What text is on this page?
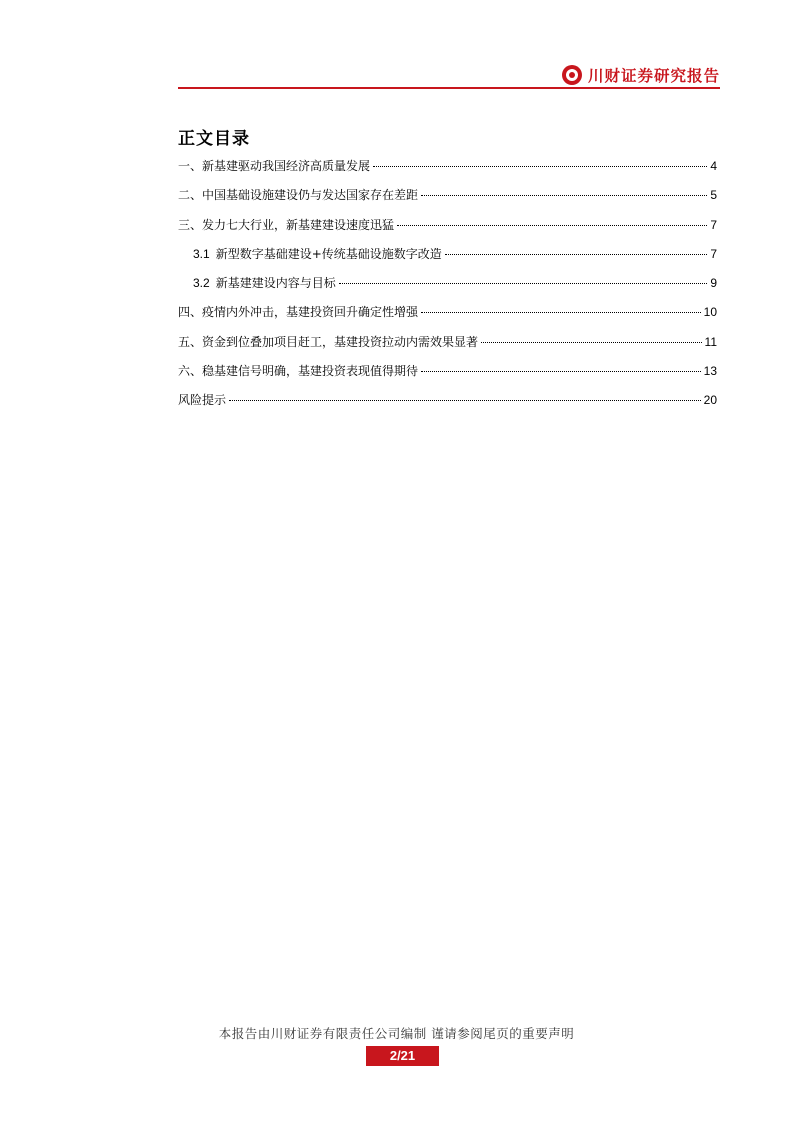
川财证券研究报告
正文目录
一、新基建驱动我国经济高质量发展	4
二、中国基础设施建设仍与发达国家存在差距	5
三、发力七大行业，新基建建设速度迅猛	7
3.1 新型数字基础建设+传统基础设施数字改造	7
3.2 新基建建设内容与目标	9
四、疫情内外冲击，基建投资回升确定性增强	10
五、资金到位叠加项目赶工，基建投资拉动内需效果显著	11
六、稳基建信号明确，基建投资表现值得期待	13
风险提示	20
本报告由川财证券有限责任公司编制 谨请参阅尾页的重要声明
2/21
